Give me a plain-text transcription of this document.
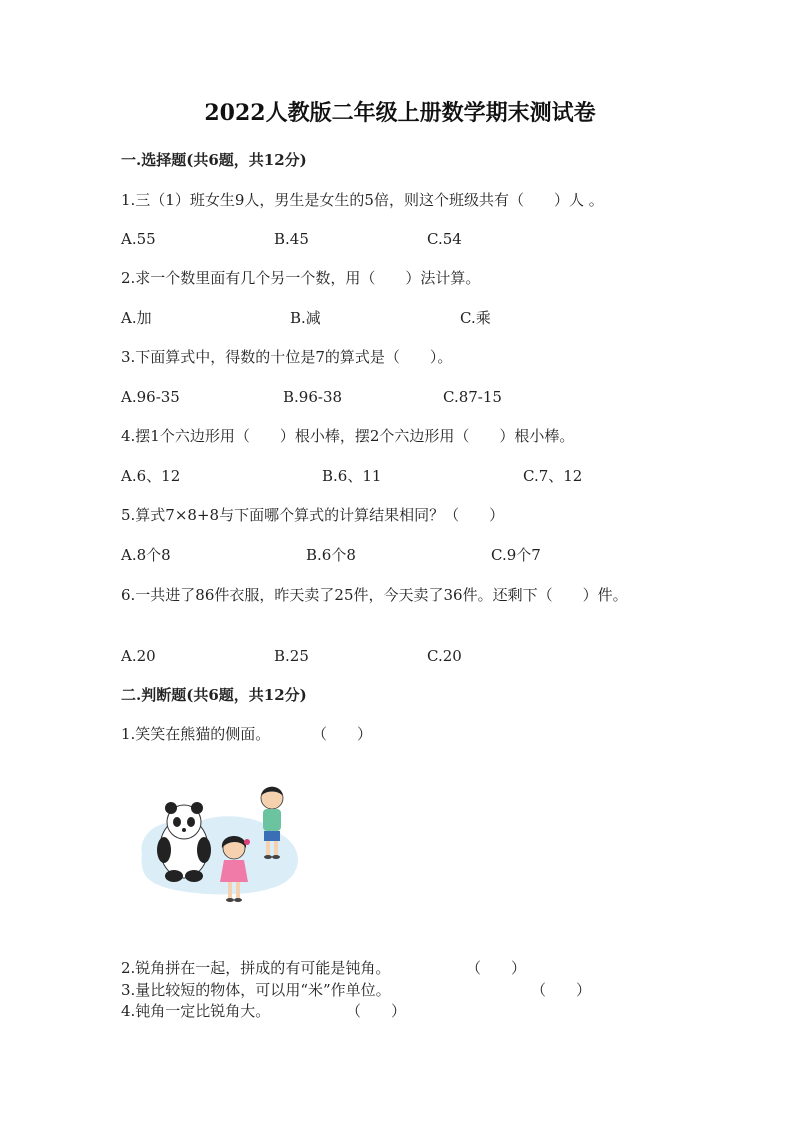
2022人教版二年级上册数学期末测试卷
一.选择题(共6题，共12分)
1.三（1）班女生9人，男生是女生的5倍，则这个班级共有（　　）人 。
A.55	B.45	C.54
2.求一个数里面有几个另一个数，用（　　）法计算。
A.加	B.减	C.乘
3.下面算式中，得数的十位是7的算式是（　　）。
A.96-35	B.96-38	C.87-15
4.摆1个六边形用（　　）根小棒，摆2个六边形用（　　）根小棒。
A.6、12	B.6、11	C.7、12
5.算式7×8+8与下面哪个算式的计算结果相同？（　　）
A.8个8	B.6个8	C.9个7
6.一共进了86件衣服，昨天卖了25件，今天卖了36件。还剩下（　　）件。
A.20	B.25	C.20
二.判断题(共6题，共12分)
1.笑笑在熊猫的侧面。	（　　）
2.锐角拼在一起，拼成的有可能是钝角。	（　　）
3.量比较短的物体，可以用“米”作单位。	（　　）
4.钝角一定比锐角大。	（　　）
